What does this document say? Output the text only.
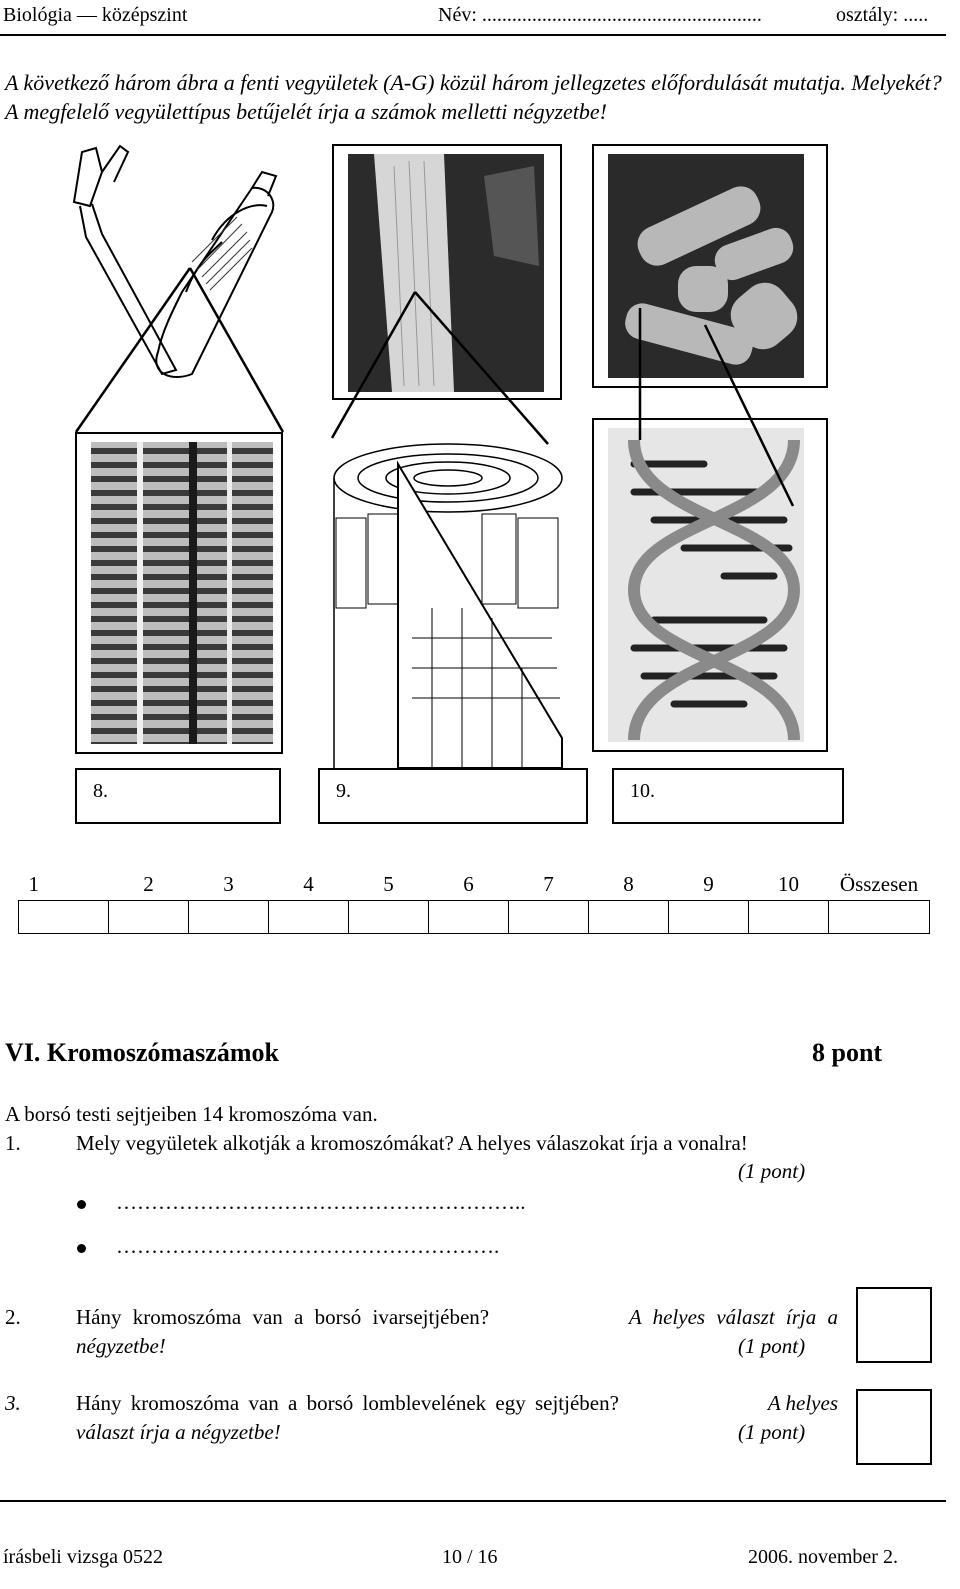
Biológia — középszint	Név: ........................................................	osztály: .....
A következő három ábra a fenti vegyületek (A-G) közül három jellegzetes előfordulását mutatja. Melyekét? A megfelelő vegyülettípus betűjelét írja a számok melletti négyzetbe!
8.	9.	10.
1	2	3	4	5	6	7	8	9	10	Összesen

VI. Kromoszómaszámok	8 pont
A borsó testi sejtjeiben 14 kromoszóma van.
1.	Mely vegyületek alkotják a kromoszómákat? A helyes válaszokat írja a vonalra!
(1 pont)
…………………………………………………..
……………………………………………….
2.	Hány kromoszóma van a borsó ivarsejtjében?	A helyes választ írja a
négyzetbe!	(1 pont)
3.	Hány kromoszóma van a borsó lomblevelének egy sejtjében?	A helyes
választ írja a négyzetbe!	(1 pont)
írásbeli vizsga 0522	10 / 16	2006. november 2.
